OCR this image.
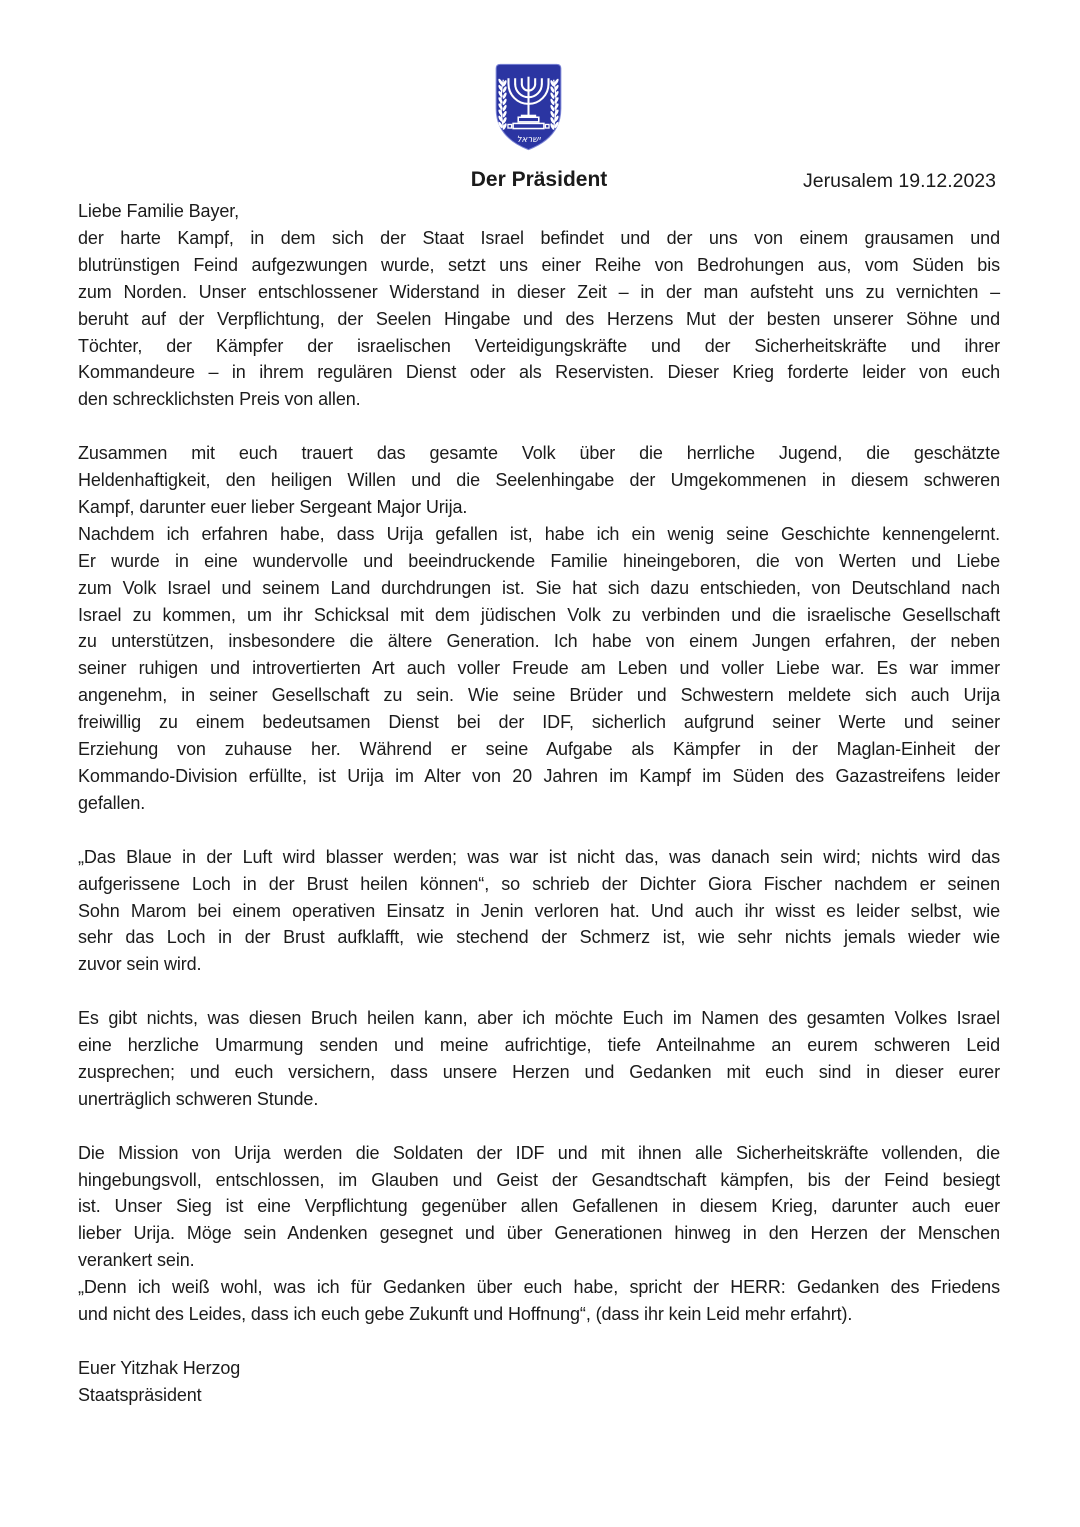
ישראל
Der Präsident	Jerusalem 19.12.2023
Liebe Familie Bayer,
der harte Kampf, in dem sich der Staat Israel befindet und der uns von einem grausamen und
blutrünstigen Feind aufgezwungen wurde, setzt uns einer Reihe von Bedrohungen aus, vom Süden bis
zum Norden. Unser entschlossener Widerstand in dieser Zeit – in der man aufsteht uns zu vernichten –
beruht auf der Verpflichtung, der Seelen Hingabe und des Herzens Mut der besten unserer Söhne und
Töchter, der Kämpfer der israelischen Verteidigungskräfte und der Sicherheitskräfte und ihrer
Kommandeure – in ihrem regulären Dienst oder als Reservisten. Dieser Krieg forderte leider von euch
den schrecklichsten Preis von allen.
Zusammen mit euch trauert das gesamte Volk über die herrliche Jugend, die geschätzte
Heldenhaftigkeit, den heiligen Willen und die Seelenhingabe der Umgekommenen in diesem schweren
Kampf, darunter euer lieber Sergeant Major Urija.
Nachdem ich erfahren habe, dass Urija gefallen ist, habe ich ein wenig seine Geschichte kennengelernt.
Er wurde in eine wundervolle und beeindruckende Familie hineingeboren, die von Werten und Liebe
zum Volk Israel und seinem Land durchdrungen ist. Sie hat sich dazu entschieden, von Deutschland nach
Israel zu kommen, um ihr Schicksal mit dem jüdischen Volk zu verbinden und die israelische Gesellschaft
zu unterstützen, insbesondere die ältere Generation. Ich habe von einem Jungen erfahren, der neben
seiner ruhigen und introvertierten Art auch voller Freude am Leben und voller Liebe war. Es war immer
angenehm, in seiner Gesellschaft zu sein. Wie seine Brüder und Schwestern meldete sich auch Urija
freiwillig zu einem bedeutsamen Dienst bei der IDF, sicherlich aufgrund seiner Werte und seiner
Erziehung von zuhause her. Während er seine Aufgabe als Kämpfer in der Maglan-Einheit der
Kommando-Division erfüllte, ist Urija im Alter von 20 Jahren im Kampf im Süden des Gazastreifens leider
gefallen.
„Das Blaue in der Luft wird blasser werden; was war ist nicht das, was danach sein wird; nichts wird das
aufgerissene Loch in der Brust heilen können“, so schrieb der Dichter Giora Fischer nachdem er seinen
Sohn Marom bei einem operativen Einsatz in Jenin verloren hat. Und auch ihr wisst es leider selbst, wie
sehr das Loch in der Brust aufklafft, wie stechend der Schmerz ist, wie sehr nichts jemals wieder wie
zuvor sein wird.
Es gibt nichts, was diesen Bruch heilen kann, aber ich möchte Euch im Namen des gesamten Volkes Israel
eine herzliche Umarmung senden und meine aufrichtige, tiefe Anteilnahme an eurem schweren Leid
zusprechen; und euch versichern, dass unsere Herzen und Gedanken mit euch sind in dieser eurer
unerträglich schweren Stunde.
Die Mission von Urija werden die Soldaten der IDF und mit ihnen alle Sicherheitskräfte vollenden, die
hingebungsvoll, entschlossen, im Glauben und Geist der Gesandtschaft kämpfen, bis der Feind besiegt
ist. Unser Sieg ist eine Verpflichtung gegenüber allen Gefallenen in diesem Krieg, darunter auch euer
lieber Urija. Möge sein Andenken gesegnet und über Generationen hinweg in den Herzen der Menschen
verankert sein.
„Denn ich weiß wohl, was ich für Gedanken über euch habe, spricht der HERR: Gedanken des Friedens
und nicht des Leides, dass ich euch gebe Zukunft und Hoffnung“, (dass ihr kein Leid mehr erfahrt).
Euer Yitzhak Herzog
Staatspräsident
